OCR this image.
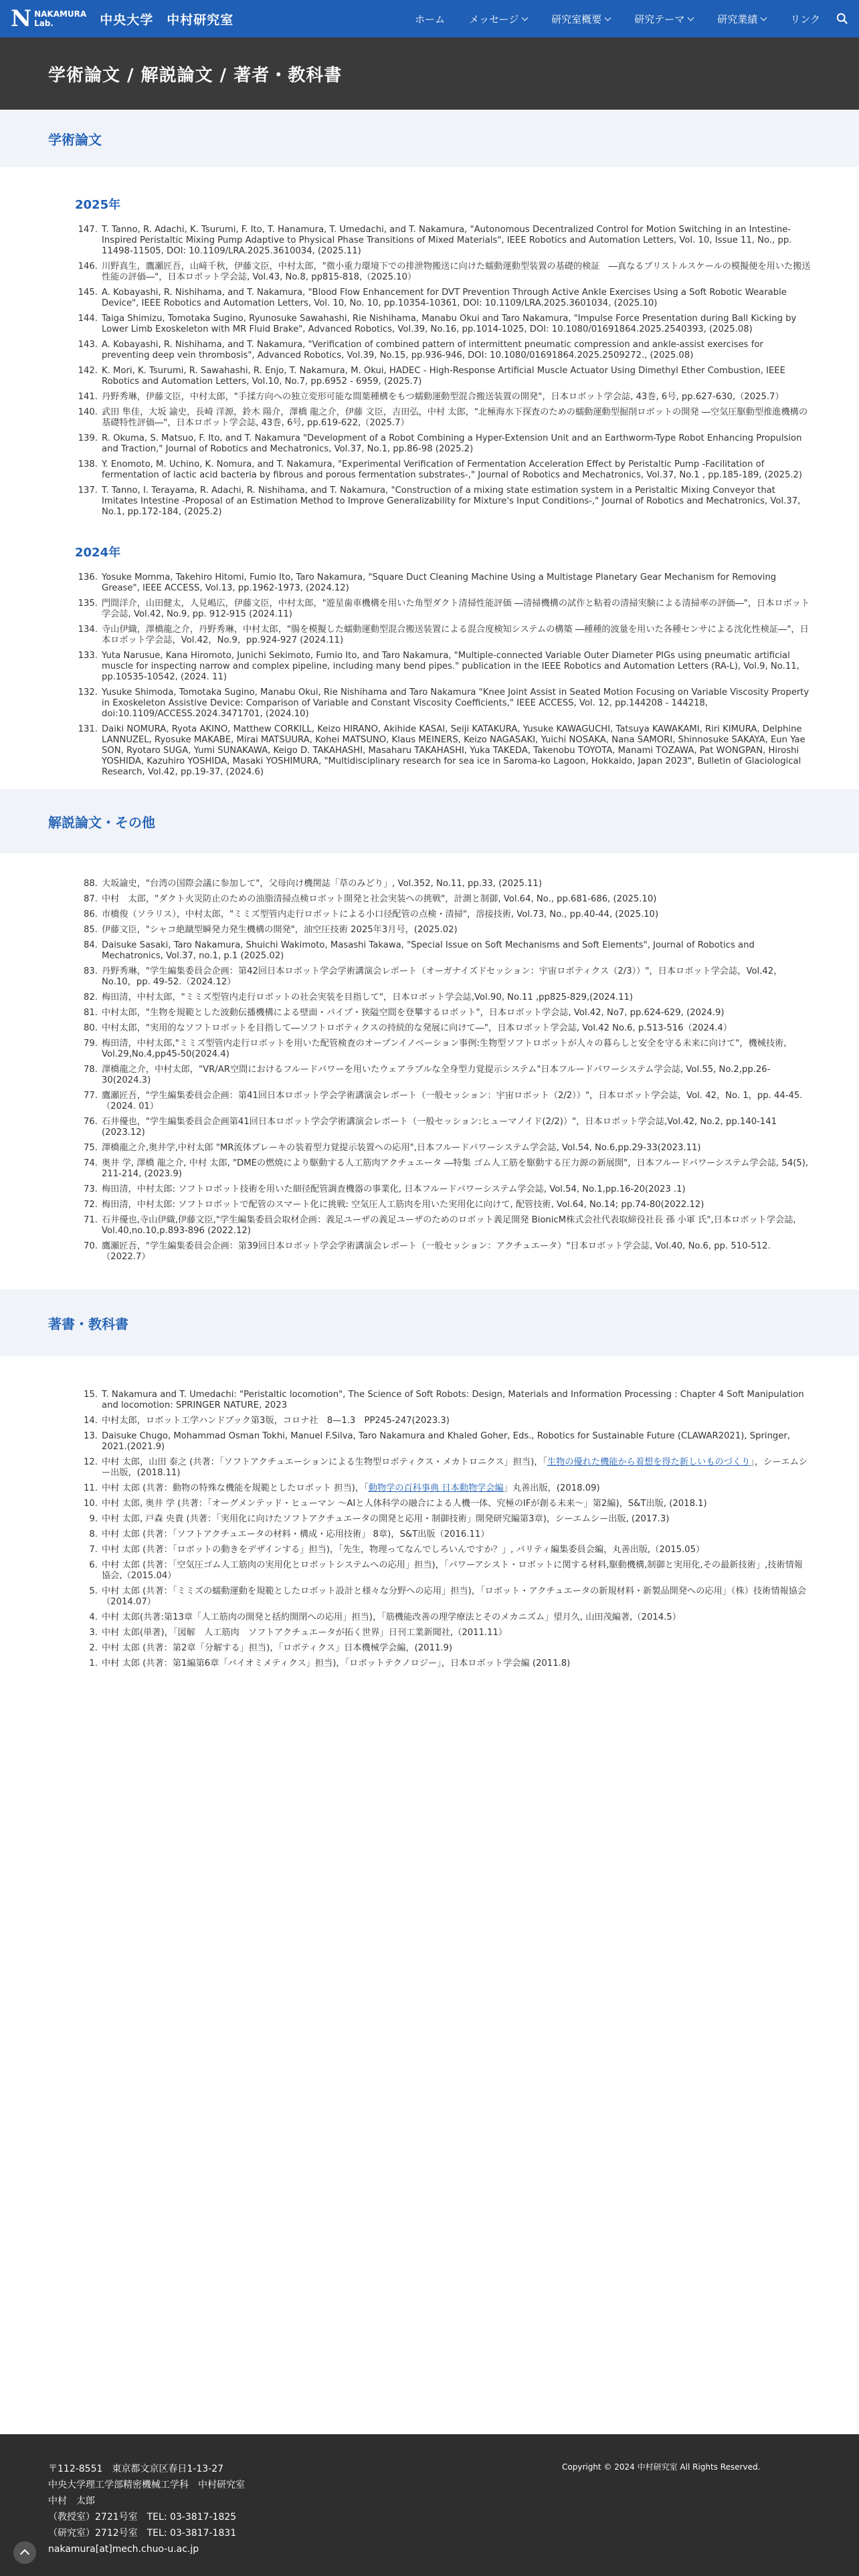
N NAKAMURA
Lab.	中央大学　中村研究室	ホーム メッセージ	研究室概要	研究テーマ	研究業績	リンク
学術論文 / 解説論文 / 著者・教科書
学術論文
2025年
147. T. Tanno, R. Adachi, K. Tsurumi, F. Ito, T. Hanamura, T. Umedachi, and T. Nakamura, "Autonomous Decentralized Control for Motion Switching in an Intestine-Inspired Peristaltic Mixing Pump Adaptive to Physical Phase Transitions of Mixed Materials", IEEE Robotics and Automation Letters, Vol. 10, Issue 11, No., pp. 11498-11505, DOI: 10.1109/LRA.2025.3610034, (2025.11)
146. 川野真生，鷹瀬匠吾，山﨑千秋，伊藤文臣，中村太郎，"微小重力環境下での排泄物搬送に向けた蠕動運動型装置の基礎的検証　―真なるブリストルスケールの模擬便を用いた搬送性能の評価―"，日本ロボット学会誌, Vol.43, No.8, pp815-818,（2025.10）
145. A. Kobayashi, R. Nishihama, and T. Nakamura, "Blood Flow Enhancement for DVT Prevention Through Active Ankle Exercises Using a Soft Robotic Wearable Device", IEEE Robotics and Automation Letters, Vol. 10, No. 10, pp.10354-10361, DOI: 10.1109/LRA.2025.3601034, (2025.10)
144. Taiga Shimizu, Tomotaka Sugino, Ryunosuke Sawahashi, Rie Nishihama, Manabu Okui and Taro Nakamura, "Impulse Force Presentation during Ball Kicking by Lower Limb Exoskeleton with MR Fluid Brake", Advanced Robotics, Vol.39, No.16, pp.1014-1025, DOI: 10.1080/01691864.2025.2540393, (2025.08)
143. A. Kobayashi, R. Nishihama, and T. Nakamura, "Verification of combined pattern of intermittent pneumatic compression and ankle-assist exercises for preventing deep vein thrombosis", Advanced Robotics, Vol.39, No.15, pp.936-946, DOI: 10.1080/01691864.2025.2509272., (2025.08)
142. K. Mori, K. Tsurumi, R. Sawahashi, R. Enjo, T. Nakamura, M. Okui, HADEC - High-Response Artificial Muscle Actuator Using Dimethyl Ether Combustion, IEEE Robotics and Automation Letters, Vol.10, No.7, pp.6952 - 6959, (2025.7)
141. 丹野秀琳，伊藤文臣，中村太郎，"手揉方向への独立変形可能な間葉種構をもつ蠕動運動型混合搬送装置の開発"，日本ロボット学会誌, 43巻, 6号, pp.627-630,（2025.7）
140. 武田 隼佳，大坂 諭史，長崎 洋源，鈴木 陽介，澤橋 龍之介，伊藤 文臣，吉田弘，中村 太郎，"北極海水下探査のための蠕動運動型掘削ロボットの開発 ―空気圧駆動型推進機構の基礎特性評価―"，日本ロボット学会誌, 43巻, 6号, pp.619-622,（2025.7）
139. R. Okuma, S. Matsuo, F. Ito, and T. Nakamura "Development of a Robot Combining a Hyper-Extension Unit and an Earthworm-Type Robot Enhancing Propulsion and Traction," Journal of Robotics and Mechatronics, Vol.37, No.1, pp.86-98 (2025.2)
138. Y. Enomoto, M. Uchino, K. Nomura, and T. Nakamura, "Experimental Verification of Fermentation Acceleration Effect by Peristaltic Pump -Facilitation of fermentation of lactic acid bacteria by fibrous and porous fermentation substrates-," Journal of Robotics and Mechatronics, Vol.37, No.1 , pp.185-189, (2025.2)
137. T. Tanno, I. Terayama, R. Adachi, R. Nishihama, and T. Nakamura, "Construction of a mixing state estimation system in a Peristaltic Mixing Conveyor that Imitates Intestine -Proposal of an Estimation Method to Improve Generalizability for Mixture's Input Conditions-," Journal of Robotics and Mechatronics, Vol.37, No.1, pp.172-184, (2025.2)
2024年
136. Yosuke Momma, Takehiro Hitomi, Fumio Ito, Taro Nakamura, "Square Duct Cleaning Machine Using a Multistage Planetary Gear Mechanism for Removing Grease", IEEE ACCESS, Vol.13, pp.1962-1973, (2024.12)
135. 門間洋介，山田健太，人見嶋広，伊藤文臣，中村太郎，"遊星歯車機構を用いた角型ダクト清掃性能評価 ―清掃機構の試作と粘着の清掃実験による清掃率の評価―"，日本ロボット学会誌, Vol.42, No.9, pp. 912-915 (2024.11)
134. 寺山伊織，澤橋龍之介，丹野秀琳，中村太郎，"腸を模擬した蠕動運動型混合搬送装置による混合度検知システムの構築 ―種種的波量を用いた各種センサによる沈化性検証―"，日本ロボット学会誌，Vol.42，No.9，pp.924-927 (2024.11)
133. Yuta Narusue, Kana Hiromoto, Junichi Sekimoto, Fumio Ito, and Taro Nakamura, "Multiple-connected Variable Outer Diameter PIGs using pneumatic artificial muscle for inspecting narrow and complex pipeline, including many bend pipes." publication in the IEEE Robotics and Automation Letters (RA-L), Vol.9, No.11, pp.10535-10542, (2024. 11)
132. Yusuke Shimoda, Tomotaka Sugino, Manabu Okui, Rie Nishihama and Taro Nakamura "Knee Joint Assist in Seated Motion Focusing on Variable Viscosity Property in Exoskeleton Assistive Device: Comparison of Variable and Constant Viscosity Coefficients," IEEE ACCESS, Vol. 12, pp.144208 - 144218, doi:10.1109/ACCESS.2024.3471701, (2024.10)
131. Daiki NOMURA, Ryota AKINO, Matthew CORKILL, Keizo HIRANO, Akihide KASAI, Seiji KATAKURA, Yusuke KAWAGUCHI, Tatsuya KAWAKAMI, Riri KIMURA, Delphine LANNUZEL, Ryosuke MAKABE, Mirai MATSUURA, Kohei MATSUNO, Klaus MEINERS, Keizo NAGASAKI, Yuichi NOSAKA, Nana SAMORI, Shinnosuke SAKAYA, Eun Yae SON, Ryotaro SUGA, Yumi SUNAKAWA, Keigo D. TAKAHASHI, Masaharu TAKAHASHI, Yuka TAKEDA, Takenobu TOYOTA, Manami TOZAWA, Pat WONGPAN, Hiroshi YOSHIDA, Kazuhiro YOSHIDA, Masaki YOSHIMURA, "Multidisciplinary research for sea ice in Saroma-ko Lagoon, Hokkaido, Japan 2023", Bulletin of Glaciological Research, Vol.42, pp.19-37, (2024.6)
解説論文・その他
88. 大坂諭史，"台湾の国際会議に参加して"，父母向け機関誌「草のみどり」, Vol.352, No.11, pp.33, (2025.11)
87. 中村　太郎，"ダクト火災防止のための油脂清掃点検ロボット開発と社会実装への挑戦"，計測と制御, Vol.64, No., pp.681-686, (2025.10)
86. 市橋俊（ソラリス），中村太郎，"ミミズ型管内走行ロボットによる小口径配管の点検・清掃"，溶接技術, Vol.73, No., pp.40-44, (2025.10)
85. 伊藤文臣，"シャコ絶蹴型瞬発力発生機構の開発"，油空圧技術 2025年3月号，(2025.02)
84. Daisuke Sasaki, Taro Nakamura, Shuichi Wakimoto, Masashi Takawa, "Special Issue on Soft Mechanisms and Soft Elements", Journal of Robotics and Mechatronics, Vol.37, no.1, p.1 (2025.02)
83. 丹野秀琳，"学生編集委員会企画：第42回日本ロボット学会学術講演会レポート（オーガナイズドセッション：宇宙ロボティクス（2/3））"，日本ロボット学会誌，Vol.42，No.10，pp. 49-52.（2024.12）
82. 梅田清，中村太郎，"ミミズ型管内走行ロボットの社会実装を目指して"，日本ロボット学会誌,Vol.90, No.11 ,pp825-829,(2024.11)
81. 中村太郎，"生物を規範とした波動伝播機構による壁面・パイプ・狭隘空間を登攀するロボット"，日本ロボット学会誌, Vol.42, No7, pp.624-629, (2024.9)
80. 中村太郎，"実用的なソフトロボットを目指して―ソフトロボティクスの持続的な発展に向けて―"，日本ロボット学会誌, Vol.42 No.6, p.513-516（2024.4）
79. 梅田清，中村太郎,"ミミズ型管内走行ロボットを用いた配管検査のオープンイノベーション事例:生物型ソフトロボットが人々の暮らしと安全を守る未来に向けて"，機械技術, Vol.29,No.4,pp45-50(2024.4)
78. 澤橋龍之介，中村太郎，"VR/AR空間におけるフルードパワーを用いたウェアラブルな全身型力覚提示システム"日本フルードパワーシステム学会誌, Vol.55, No.2,pp.26-30(2024.3)
77. 鷹瀬匠吾，"学生編集委員会企画：第41回日本ロボット学会学術講演会レポート（一般セッション：宇宙ロボット（2/2））"，日本ロボット学会誌，Vol. 42，No. 1，pp. 44-45.（2024. 01）
76. 石井優也，"学生編集委員会企画第41回日本ロボット学会学術講演会レポート（一般セッション:ヒューマノイド(2/2)）"，日本ロボット学会誌,Vol.42, No.2, pp.140-141 (2023.12)
75. 澤橋龍之介,奥井学,中村太郎 "MR流体ブレーキの装着型力覚提示装置への応用",日本フルードパワーシステム学会誌, Vol.54, No.6,pp.29-33(2023.11)
74. 奥井 学, 澤橋 龍之介, 中村 太郎, "DMEの燃焼により駆動する人工筋肉アクチュエータ ―特集 ゴム人工筋を駆動する圧力源の新展開"，日本フルードパワーシステム学会誌, 54(5), 211-214, (2023.9)
73. 梅田清，中村太郎: ソフトロボット技術を用いた細径配管調査機器の事業化, 日本フルードパワーシステム学会誌, Vol.54, No.1,pp.16-20(2023 .1)
72. 梅田清，中村太郎: ソフトロボットで配管のスマート化に挑戦: 空気圧人工筋肉を用いた実用化に向けて, 配管技術, Vol.64, No.14; pp.74-80(2022.12)
71. 石井優也,寺山伊織,伊藤文臣,"学生編集委員会取材企画：義足ユーザの義足ユーザのためのロボット義足開発 BionicM株式会社代表取締役社長 孫 小軍 氏",日本ロボット学会誌, Vol.40,no.10,p.893-896 (2022.12)
70. 鷹瀬匠吾，"学生編集委員会企画：第39回日本ロボット学会学術講演会レポート（一般セッション：アクチュエータ）"日本ロボット学会誌, Vol.40, No.6, pp. 510-512.（2022.7）
著書・教科書
15. T. Nakamura and T. Umedachi: "Peristaltic locomotion", The Science of Soft Robots: Design, Materials and Information Processing : Chapter 4 Soft Manipulation and locomotion: SPRINGER NATURE, 2023
14. 中村太郎，ロボット工学ハンドブック第3版，コロナ社　8—1.3　PP245-247(2023.3)
13. Daisuke Chugo, Mohammad Osman Tokhi, Manuel F.Silva, Taro Nakamura and Khaled Goher, Eds., Robotics for Sustainable Future (CLAWAR2021), Springer, 2021.(2021.9)
12. 中村 太郎，山田 泰之 (共著：「ソフトアクチュエーションによる生物型ロボティクス・メカトロニクス」担当)，「生物の優れた機能から着想を得た新しいものづくり」，シーエムシー出版，(2018.11)
11. 中村 太郎 (共著：動物の特殊な機能を規範としたロボット 担当)，「動物学の百科事典 日本動物学会編」丸善出版，(2018.09)
10. 中村 太郎, 奥井 学 (共著：「オーグメンテッド・ヒューマン ～AIと人体科学の融合による人機一体、究極のIFが創る未来～」第2編)，S&T出版, (2018.1)
9. 中村 太郎, 戸森 央貴 (共著：「実用化に向けたソフトアクチュエータの開発と応用・制御技術」開発研究編第3章)，シーエムシー出版, (2017.3)
8. 中村 太郎 (共著：「ソフトアクチュエータの材料・構成・応用技術」 8章)，S&T出版（2016.11）
7. 中村 太郎 (共著：「ロボットの動きをデザインする」担当)，「先生，物理ってなんでしろいんですか？」, パリティ編集委員会編，丸善出版,（2015.05）
6. 中村 太郎 (共著：「空気圧ゴム人工筋肉の実用化とロボットシステムへの応用」担当)，「パワーアシスト・ロボットに関する材料,駆動機構,制御と実用化,その最新技術」,技術情報協会,（2015.04）
5. 中村 太郎 (共著：「ミミズの蠕動運動を規範としたロボット設計と様々な分野への応用」担当)，「ロボット・アクチュエータの新規材料・新製品開発への応用」（株）技術情報協会（2014.07）
4. 中村 太郎(共著:第13章「人工筋肉の開発と括約開閉への応用」担当)，「筋機能改善の理学療法とそのメカニズム」望月久, 山田茂編著,（2014.5）
3. 中村 太郎(単著)，「図解　人工筋肉　ソフトアクチュエータが拓く世界」日刊工業新聞社,（2011.11）
2. 中村 太郎 (共著：第2章「分解する」担当)，「ロボティクス」日本機械学会編，(2011.9)
1. 中村 太郎 (共著：第1編第6章「バイオミメティクス」担当)，「ロボットテクノロジー」，日本ロボット学会編 (2011.8)
〒112-8551　東京都文京区春日1-13-27
中央大学理工学部精密機械工学科　中村研究室
中村　太郎
（教授室）2721号室　TEL: 03-3817-1825
（研究室）2712号室　TEL: 03-3817-1831
nakamura[at]mech.chuo-u.ac.jp
Copyright © 2024 中村研究室 All Rights Reserved.
